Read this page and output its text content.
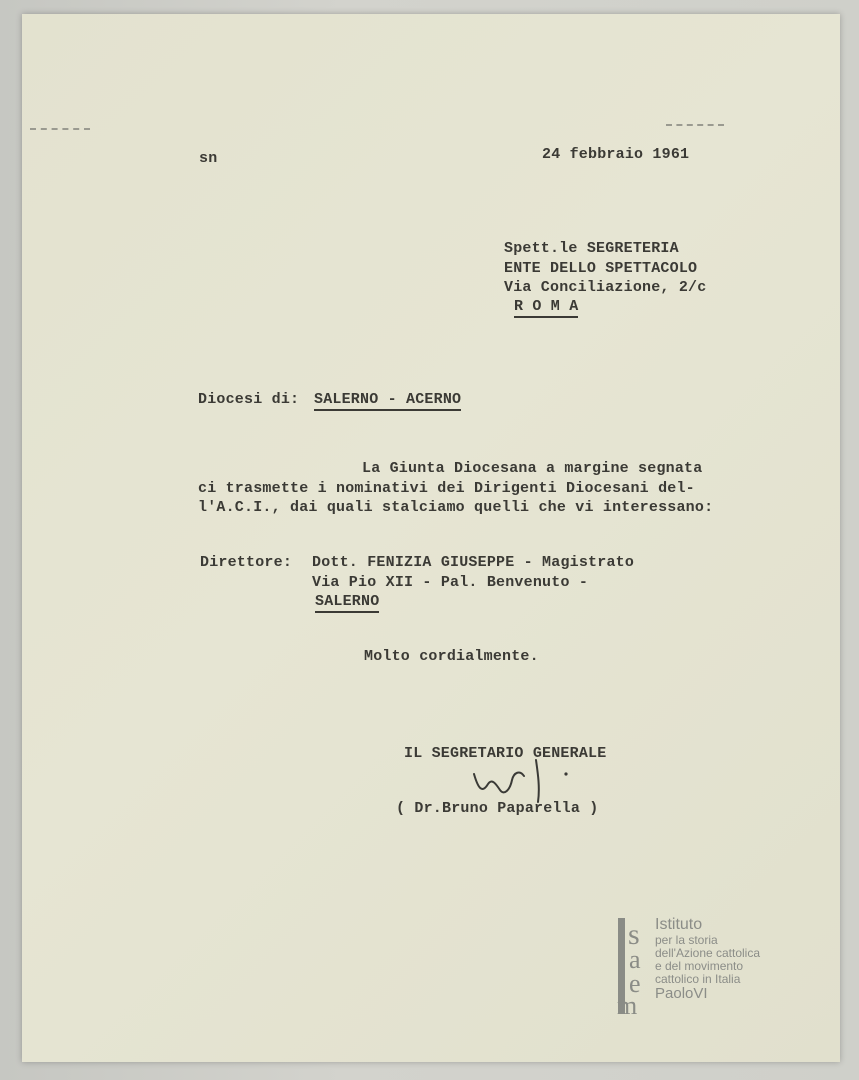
sn	24 febbraio 1961
Spett.le SEGRETERIA
ENTE DELLO SPETTACOLO
Via Conciliazione, 2/c
R O M A
Diocesi di: SALERNO - ACERNO
La Giunta Diocesana a margine segnata
ci trasmette i nominativi dei Dirigenti Diocesani del-
l'A.C.I., dai quali stalciamo quelli che vi interessano:
Direttore: Dott. FENIZIA GIUSEPPE - Magistrato
Via Pio XII - Pal. Benvenuto -
SALERNO
Molto cordialmente.
IL SEGRETARIO GENERALE
( Dr.Bruno Paparella )
s
a
e
m
Istituto
per la storia
dell'Azione cattolica
e del movimento
cattolico in Italia
PaoloVI
